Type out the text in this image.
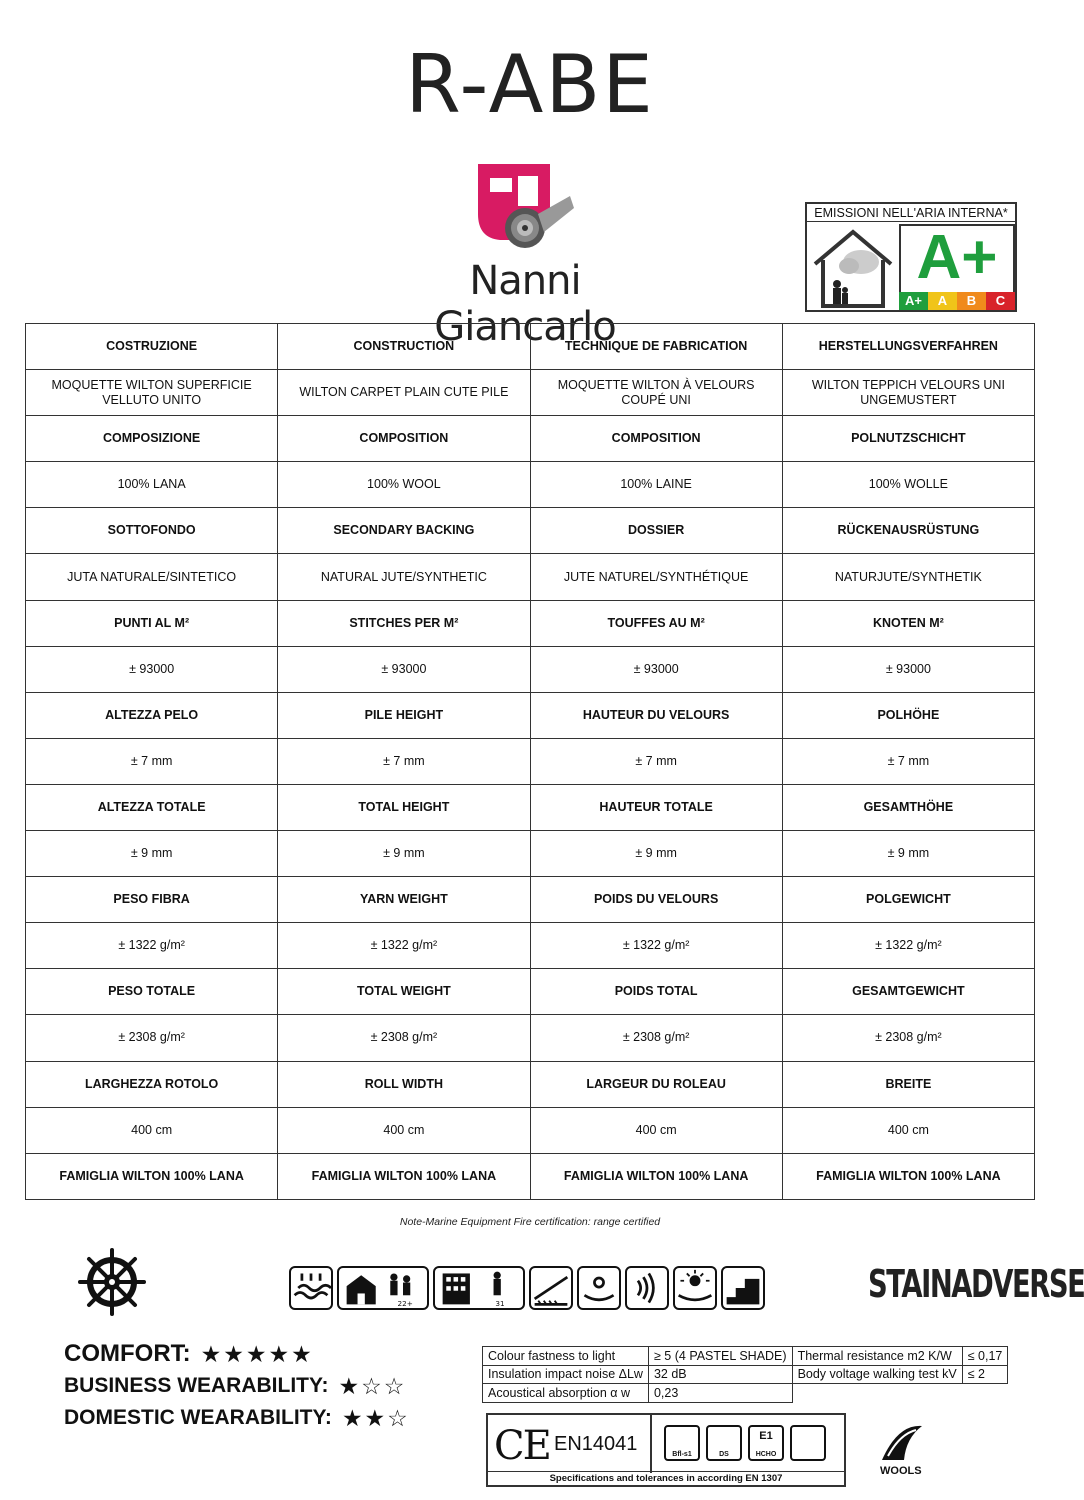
R-ABE
Nanni Giancarlo
EMISSIONI NELL'ARIA INTERNA*
A+
A+	A	B	C
COSTRUZIONE	CONSTRUCTION	TECHNIQUE DE FABRICATION	HERSTELLUNGSVERFAHREN
MOQUETTE WILTON SUPERFICIE VELLUTO UNITO	WILTON CARPET PLAIN CUTE PILE	MOQUETTE WILTON À VELOURS COUPÉ UNI	WILTON TEPPICH VELOURS UNI UNGEMUSTERT
COMPOSIZIONE	COMPOSITION	COMPOSITION	POLNUTZSCHICHT
100% LANA	100% WOOL	100% LAINE	100% WOLLE
SOTTOFONDO	SECONDARY BACKING	DOSSIER	RÜCKENAUSRÜSTUNG
JUTA NATURALE/SINTETICO	NATURAL JUTE/SYNTHETIC	JUTE NATUREL/SYNTHÉTIQUE	NATURJUTE/SYNTHETIK
PUNTI AL M²	STITCHES PER M²	TOUFFES AU M²	KNOTEN M²
± 93000	± 93000	± 93000	± 93000
ALTEZZA PELO	PILE HEIGHT	HAUTEUR DU VELOURS	POLHÖHE
± 7 mm	± 7 mm	± 7 mm	± 7 mm
ALTEZZA TOTALE	TOTAL HEIGHT	HAUTEUR TOTALE	GESAMTHÖHE
± 9 mm	± 9 mm	± 9 mm	± 9 mm
PESO FIBRA	YARN WEIGHT	POIDS DU VELOURS	POLGEWICHT
± 1322 g/m²	± 1322 g/m²	± 1322 g/m²	± 1322 g/m²
PESO TOTALE	TOTAL WEIGHT	POIDS TOTAL	GESAMTGEWICHT
± 2308 g/m²	± 2308 g/m²	± 2308 g/m²	± 2308 g/m²
LARGHEZZA ROTOLO	ROLL WIDTH	LARGEUR DU ROLEAU	BREITE
400 cm	400 cm	400 cm	400 cm
FAMIGLIA WILTON 100% LANA	FAMIGLIA WILTON 100% LANA	FAMIGLIA WILTON 100% LANA	FAMIGLIA WILTON 100% LANA
Note-Marine Equipment Fire certification: range certified
22+	31	STAINADVERSE
COMFORT: ★★★★★
BUSINESS WEARABILITY: ★☆☆
DOMESTIC WEARABILITY: ★★☆
Colour fastness to light	≥ 5 (4 PASTEL SHADE)	Thermal resistance m2 K/W	≤ 0,17
Insulation impact noise ΔLw	32 dB	Body voltage walking test kV	≤ 2
Acoustical absorption α w	0,23		
CE EN14041	Bfl-s1	DS
E1
HCHO
Specifications and tolerances in according EN 1307
WOOLS
